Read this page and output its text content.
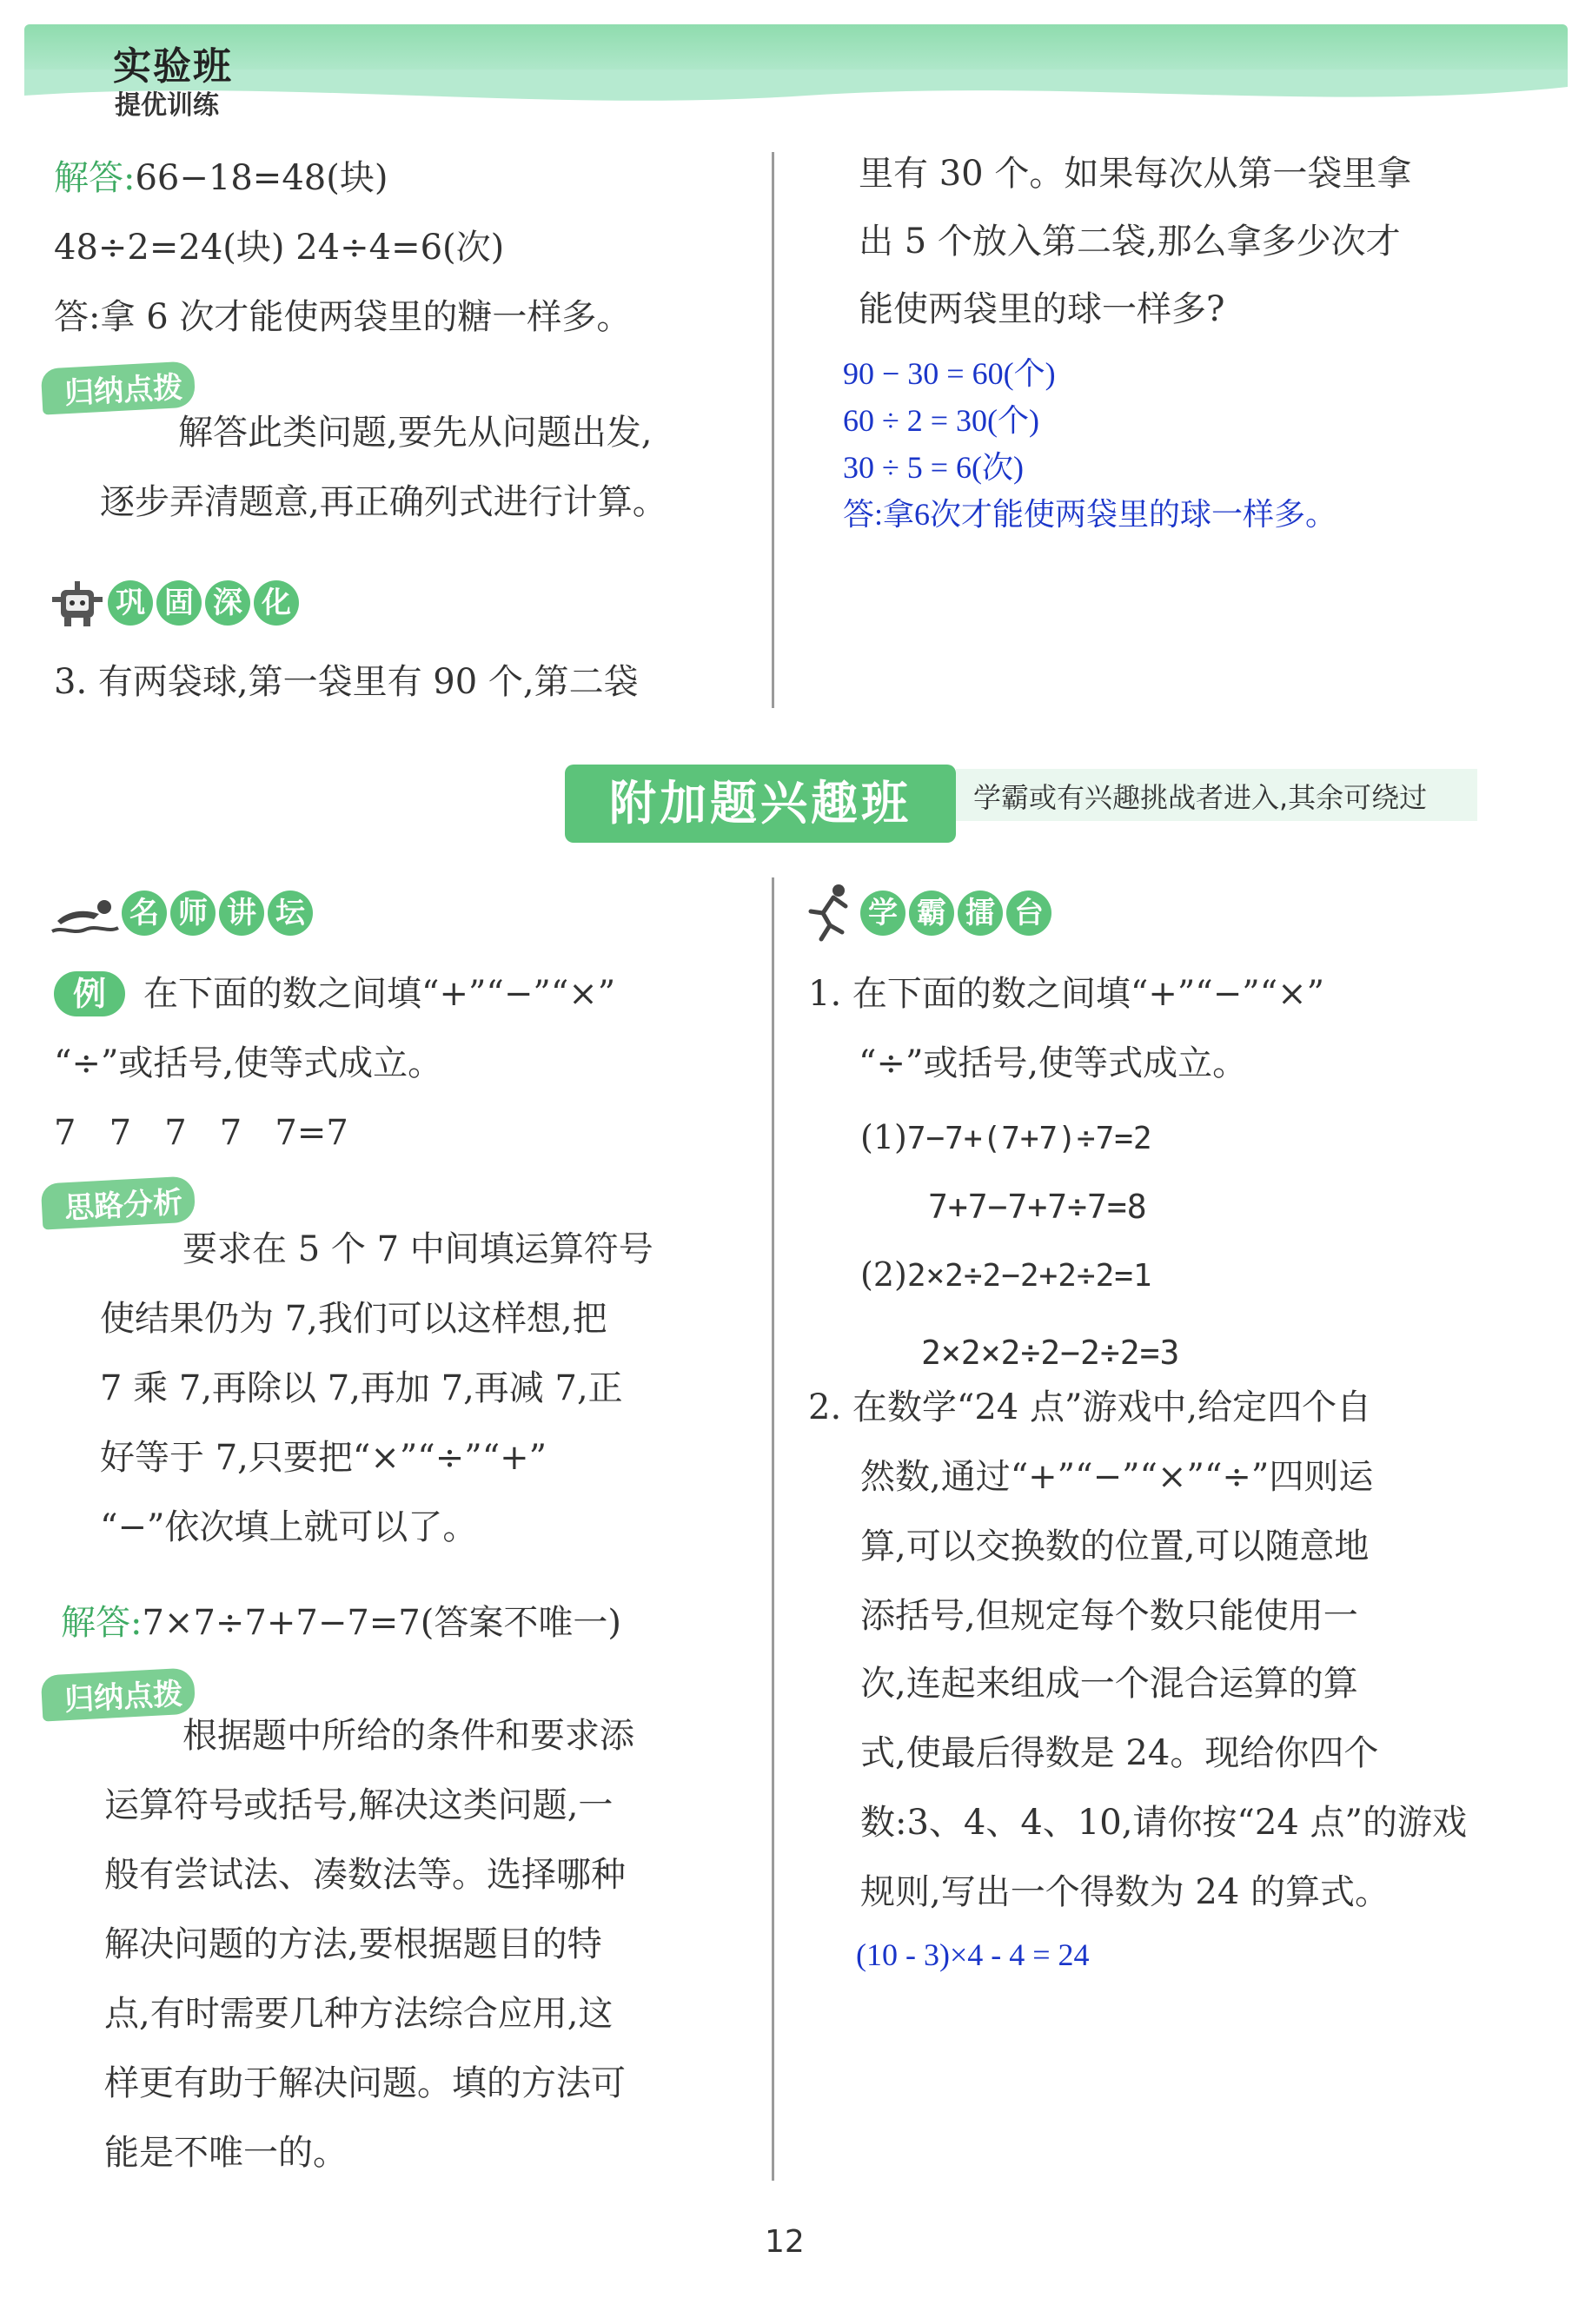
实验班
提优训练
解答:66−18=48(块)
48÷2=24(块) 24÷4=6(次)
答:拿 6 次才能使两袋里的糖一样多。
归纳点拨
解答此类问题,要先从问题出发,
逐步弄清题意,再正确列式进行计算。
巩 固 深 化
3. 有两袋球,第一袋里有 90 个,第二袋
里有 30 个。如果每次从第一袋里拿
出 5 个放入第二袋,那么拿多少次才
能使两袋里的球一样多?
90 − 30 = 60(个)
60 ÷ 2 = 30(个)
30 ÷ 5 = 6(次)
答:拿6次才能使两袋里的球一样多。
附加题兴趣班	学霸或有兴趣挑战者进入,其余可绕过
名 师 讲 坛
例	在下面的数之间填“+”“−”“×”
“÷”或括号,使等式成立。
7   7   7   7   7=7
思路分析
要求在 5 个 7 中间填运算符号
使结果仍为 7,我们可以这样想,把
7 乘 7,再除以 7,再加 7,再减 7,正
好等于 7,只要把“×”“÷”“+”
“−”依次填上就可以了。
解答:7×7÷7+7−7=7(答案不唯一)
归纳点拨
根据题中所给的条件和要求添
运算符号或括号,解决这类问题,一
般有尝试法、凑数法等。选择哪种
解决问题的方法,要根据题目的特
点,有时需要几种方法综合应用,这
样更有助于解决问题。填的方法可
能是不唯一的。
学 霸 擂 台
1. 在下面的数之间填“+”“−”“×”
“÷”或括号,使等式成立。
(1)7−7+(7+7)÷7=2
7+7−7+7÷7=8
(2)2×2÷2−2+2÷2=1
2×2×2÷2−2÷2=3
2. 在数学“24 点”游戏中,给定四个自
然数,通过“+”“−”“×”“÷”四则运
算,可以交换数的位置,可以随意地
添括号,但规定每个数只能使用一
次,连起来组成一个混合运算的算
式,使最后得数是 24。现给你四个
数:3、4、4、10,请你按“24 点”的游戏
规则,写出一个得数为 24 的算式。
(10 - 3)×4 - 4 = 24
12
